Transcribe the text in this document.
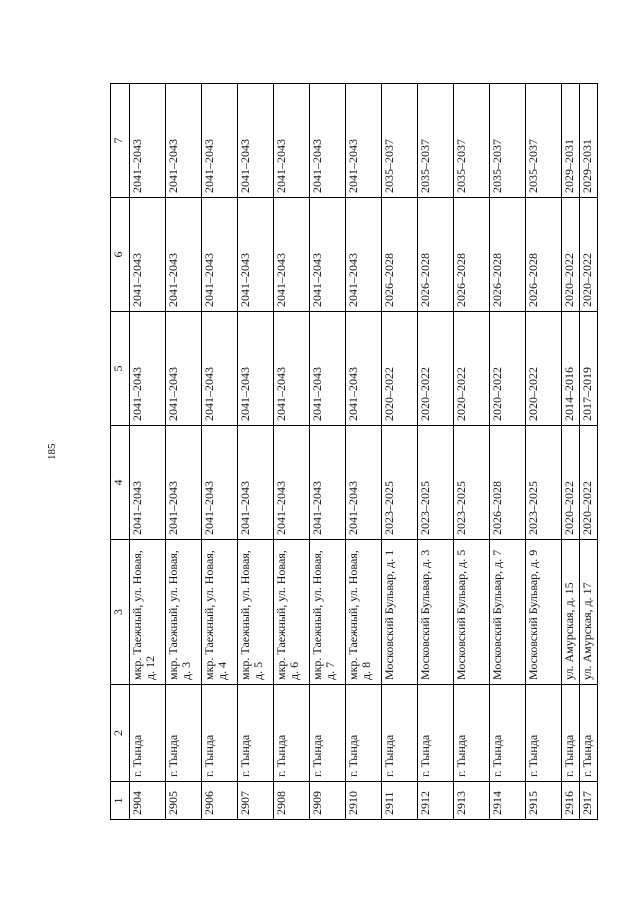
185
1	2	3	4	5	6	7
2904	г. Тында	мкр. Таежный, ул. Новая, д. 12	2041–2043	2041–2043	2041–2043	2041–2043
2905	г. Тында	мкр. Таежный, ул. Новая, д. 3	2041–2043	2041–2043	2041–2043	2041–2043
2906	г. Тында	мкр. Таежный, ул. Новая, д. 4	2041–2043	2041–2043	2041–2043	2041–2043
2907	г. Тында	мкр. Таежный, ул. Новая, д. 5	2041–2043	2041–2043	2041–2043	2041–2043
2908	г. Тында	мкр. Таежный, ул. Новая, д. 6	2041–2043	2041–2043	2041–2043	2041–2043
2909	г. Тында	мкр. Таежный, ул. Новая, д. 7	2041–2043	2041–2043	2041–2043	2041–2043
2910	г. Тында	мкр. Таежный, ул. Новая, д. 8	2041–2043	2041–2043	2041–2043	2041–2043
2911	г. Тында	Московский Бульвар, д. 1	2023–2025	2020–2022	2026–2028	2035–2037
2912	г. Тында	Московский Бульвар, д. 3	2023–2025	2020–2022	2026–2028	2035–2037
2913	г. Тында	Московский Бульвар, д. 5	2023–2025	2020–2022	2026–2028	2035–2037
2914	г. Тында	Московский Бульвар, д. 7	2026–2028	2020–2022	2026–2028	2035–2037
2915	г. Тында	Московский Бульвар, д. 9	2023–2025	2020–2022	2026–2028	2035–2037
2916	г. Тында	ул. Амурская, д. 15	2020–2022	2014–2016	2020–2022	2029–2031
2917	г. Тында	ул. Амурская, д. 17	2020–2022	2017–2019	2020–2022	2029–2031
